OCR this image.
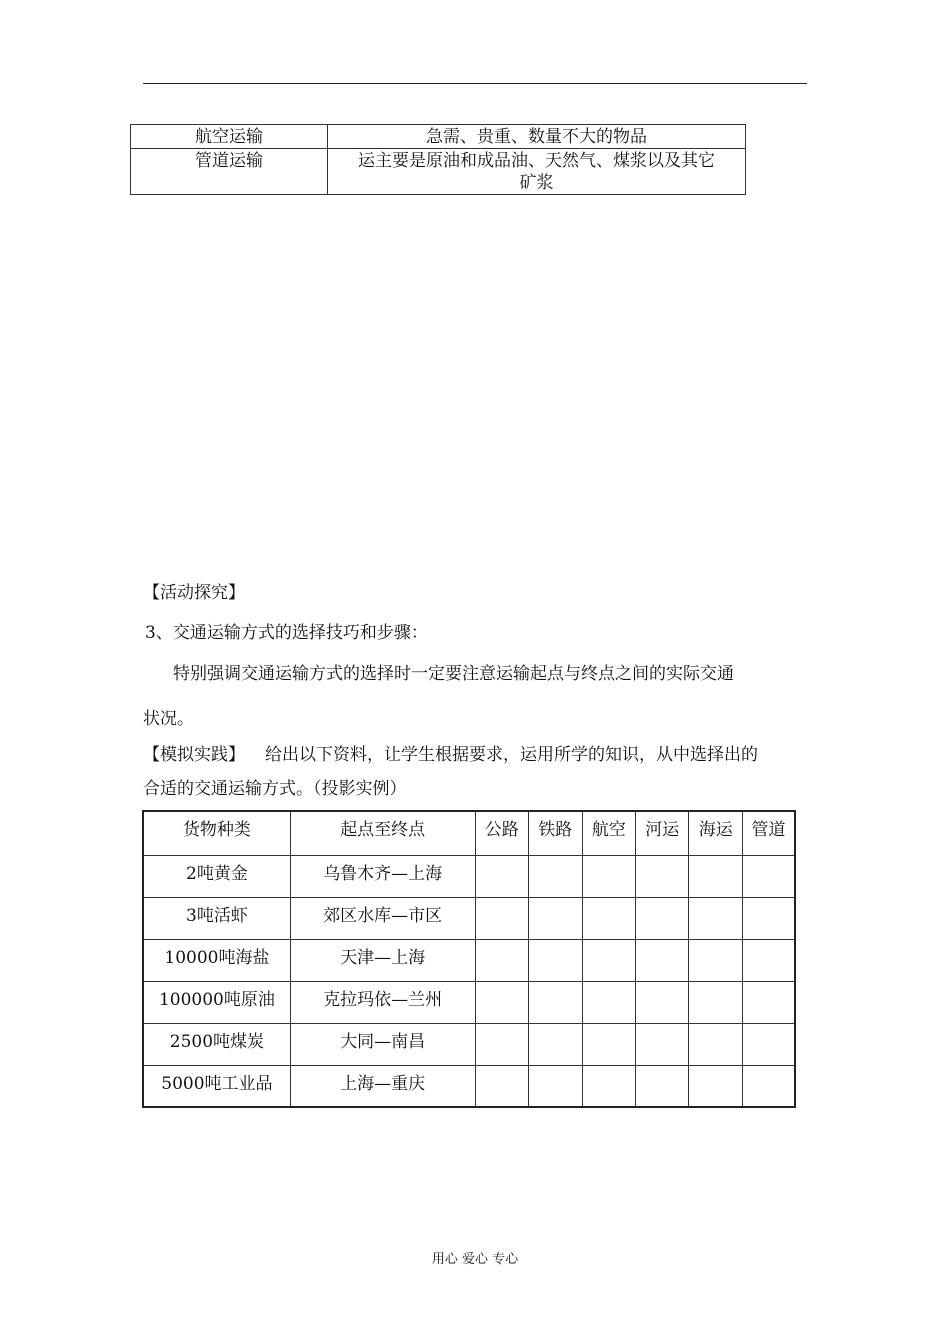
航空运输	急需、贵重、数量不大的物品
管道运输	运主要是原油和成品油、天然气、煤浆以及其它
矿浆
【活动探究】
3、交通运输方式的选择技巧和步骤：
特别强调交通运输方式的选择时一定要注意运输起点与终点之间的实际交通
状况。
【模拟实践】 给出以下资料，让学生根据要求，运用所学的知识，从中选择出的
合适的交通运输方式。（投影实例）
货物种类	起点至终点	公路	铁路	航空	河运	海运	管道
2吨黄金	乌鲁木齐—上海						
3吨活虾	郊区水库—市区						
10000吨海盐	天津—上海						
100000吨原油	克拉玛依—兰州						
2500吨煤炭	大同—南昌						
5000吨工业品	上海—重庆						
用心 爱心 专心
